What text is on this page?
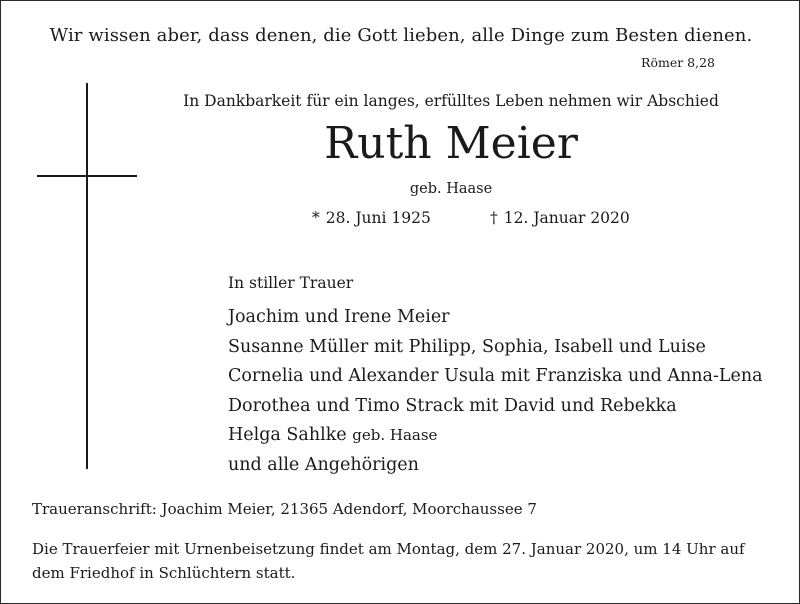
Wir wissen aber, dass denen, die Gott lieben, alle Dinge zum Besten dienen.
Römer 8,28
In Dankbarkeit für ein langes, erfülltes Leben nehmen wir Abschied
Ruth Meier
geb. Haase
* 28. Juni 1925	† 12. Januar 2020
In stiller Trauer
Joachim und Irene Meier
Susanne Müller mit Philipp, Sophia, Isabell und Luise
Cornelia und Alexander Usula mit Franziska und Anna-Lena
Dorothea und Timo Strack mit David und Rebekka
Helga Sahlke geb. Haase
und alle Angehörigen
Traueranschrift: Joachim Meier, 21365 Adendorf, Moorchaussee 7
Die Trauerfeier mit Urnenbeisetzung findet am Montag, dem 27. Januar 2020, um 14 Uhr auf dem Friedhof in Schlüchtern statt.
